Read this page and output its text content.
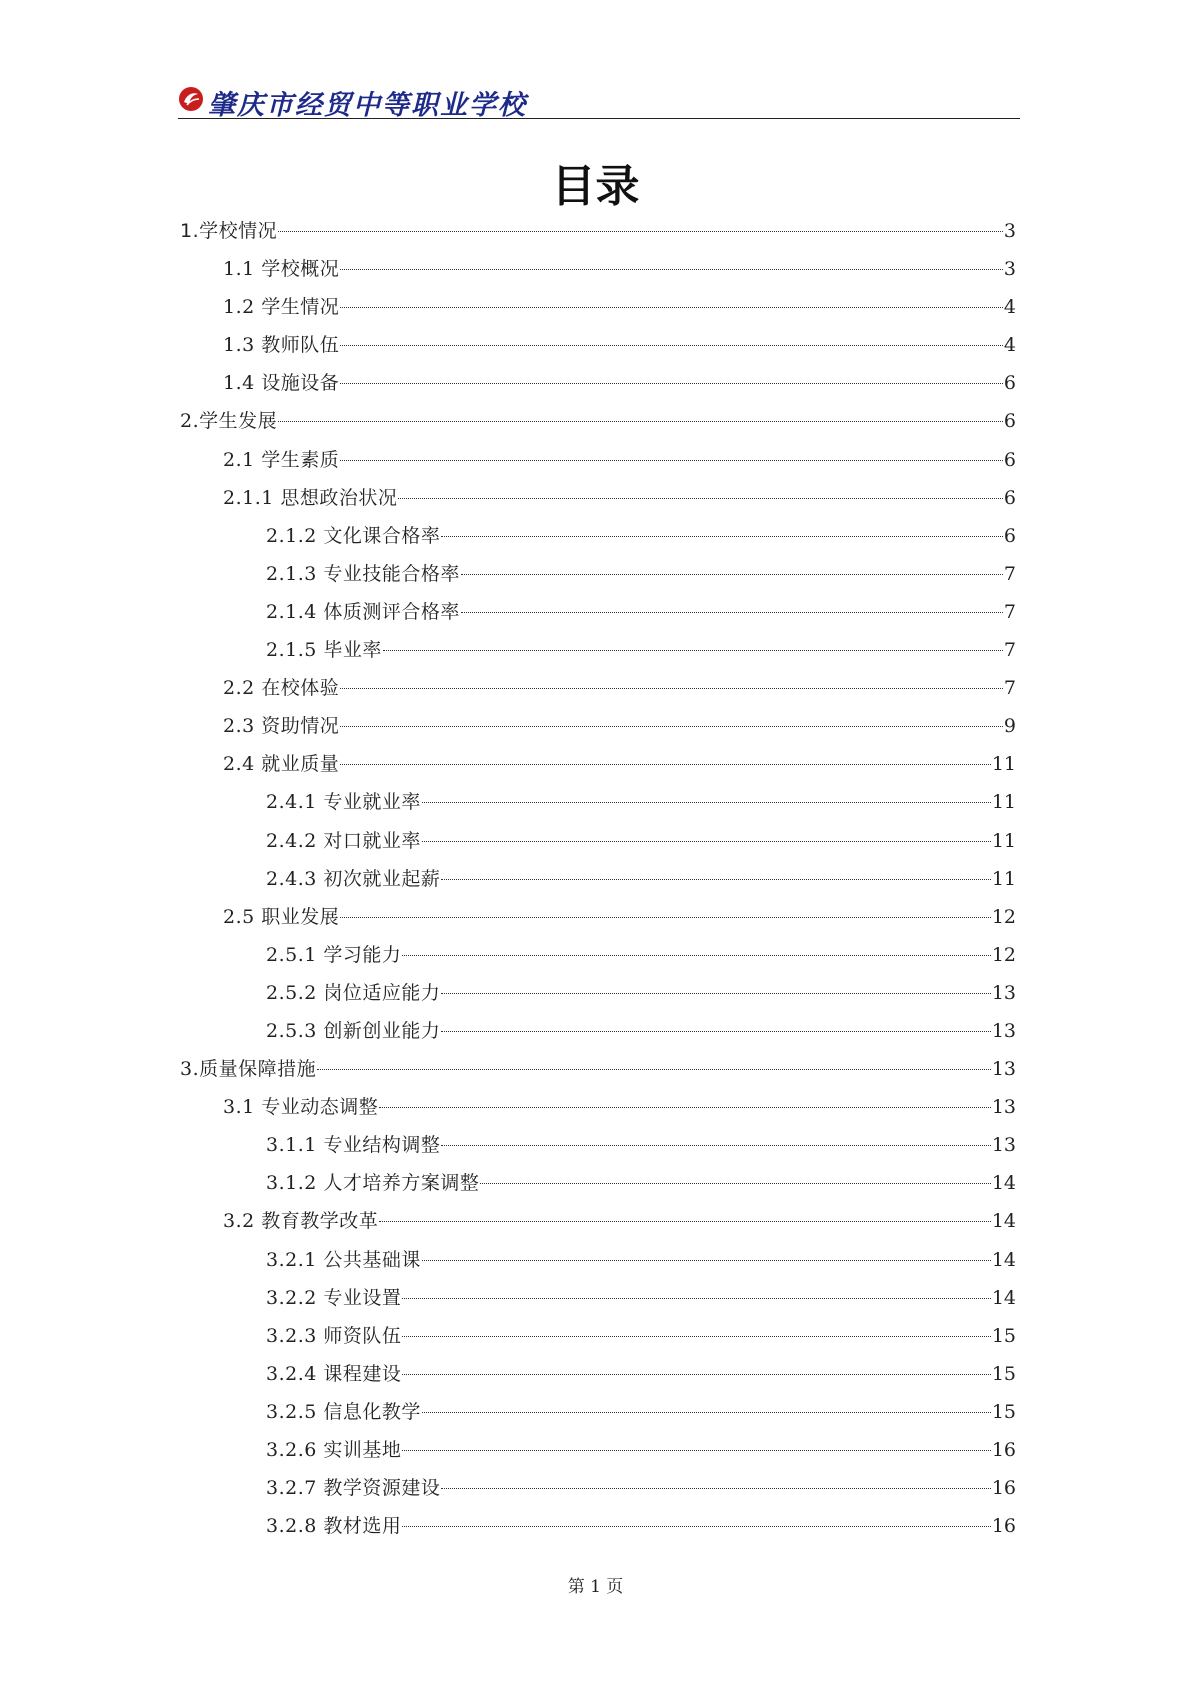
肇庆市经贸中等职业学校
目录
1.学校情况	3
1.1 学校概况	3
1.2 学生情况	4
1.3 教师队伍	4
1.4 设施设备	6
2.学生发展	6
2.1 学生素质	6
2.1.1 思想政治状况	6
2.1.2 文化课合格率	6
2.1.3 专业技能合格率	7
2.1.4 体质测评合格率	7
2.1.5 毕业率	7
2.2 在校体验	7
2.3 资助情况	9
2.4 就业质量	11
2.4.1 专业就业率	11
2.4.2 对口就业率	11
2.4.3 初次就业起薪	11
2.5 职业发展	12
2.5.1 学习能力	12
2.5.2 岗位适应能力	13
2.5.3 创新创业能力	13
3.质量保障措施	13
3.1 专业动态调整	13
3.1.1 专业结构调整	13
3.1.2 人才培养方案调整	14
3.2 教育教学改革	14
3.2.1 公共基础课	14
3.2.2 专业设置	14
3.2.3 师资队伍	15
3.2.4 课程建设	15
3.2.5 信息化教学	15
3.2.6 实训基地	16
3.2.7 教学资源建设	16
3.2.8 教材选用	16
第 1 页
